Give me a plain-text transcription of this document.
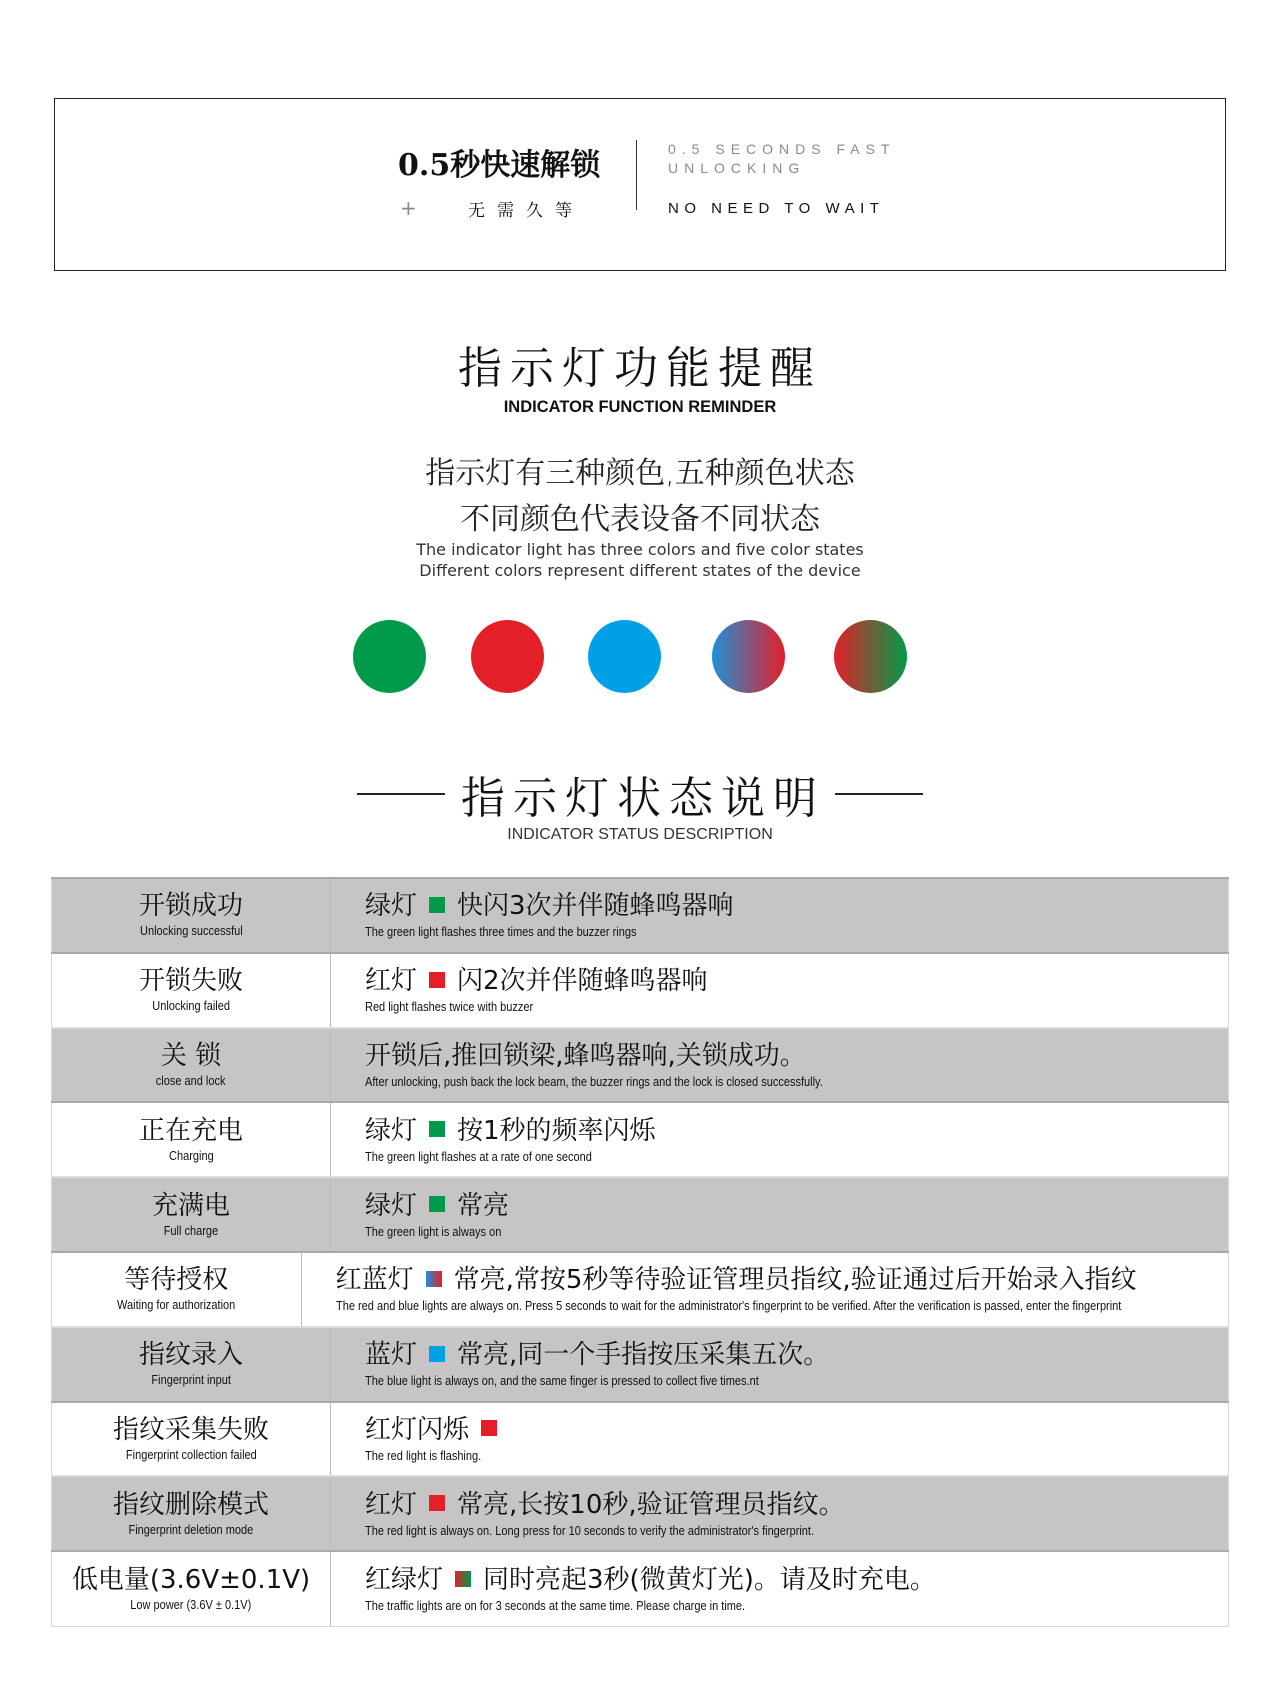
0.5秒快速解锁
+	无需久等
0.5 SECONDS FAST UNLOCKING
NO NEED TO WAIT
指示灯功能提醒
INDICATOR FUNCTION REMINDER
指示灯有三种颜色,五种颜色状态
不同颜色代表设备不同状态
The indicator light has three colors and five color states
Different colors represent different states of the device
指示灯状态说明
INDICATOR STATUS DESCRIPTION
开锁成功
Unlocking successful
绿灯 快闪3次并伴随蜂鸣器响
The green light flashes three times and the buzzer rings
开锁失败
Unlocking failed
红灯 闪2次并伴随蜂鸣器响
Red light flashes twice with buzzer
关 锁
close and lock
开锁后,推回锁梁,蜂鸣器响,关锁成功。
After unlocking, push back the lock beam, the buzzer rings and the lock is closed successfully.
正在充电
Charging
绿灯 按1秒的频率闪烁
The green light flashes at a rate of one second
充满电
Full charge
绿灯 常亮
The green light is always on
等待授权
Waiting for authorization
红蓝灯 常亮,常按5秒等待验证管理员指纹,验证通过后开始录入指纹
The red and blue lights are always on. Press 5 seconds to wait for the administrator's fingerprint to be verified. After the verification is passed, enter the fingerprint
指纹录入
Fingerprint input
蓝灯 常亮,同一个手指按压采集五次。
The blue light is always on, and the same finger is pressed to collect five times.nt
指纹采集失败
Fingerprint collection failed
红灯闪烁
The red light is flashing.
指纹删除模式
Fingerprint deletion mode
红灯 常亮,长按10秒,验证管理员指纹。
The red light is always on. Long press for 10 seconds to verify the administrator's fingerprint.
低电量(3.6V±0.1V)
Low power (3.6V ± 0.1V)
红绿灯 同时亮起3秒(微黄灯光)。请及时充电。
The traffic lights are on for 3 seconds at the same time. Please charge in time.
